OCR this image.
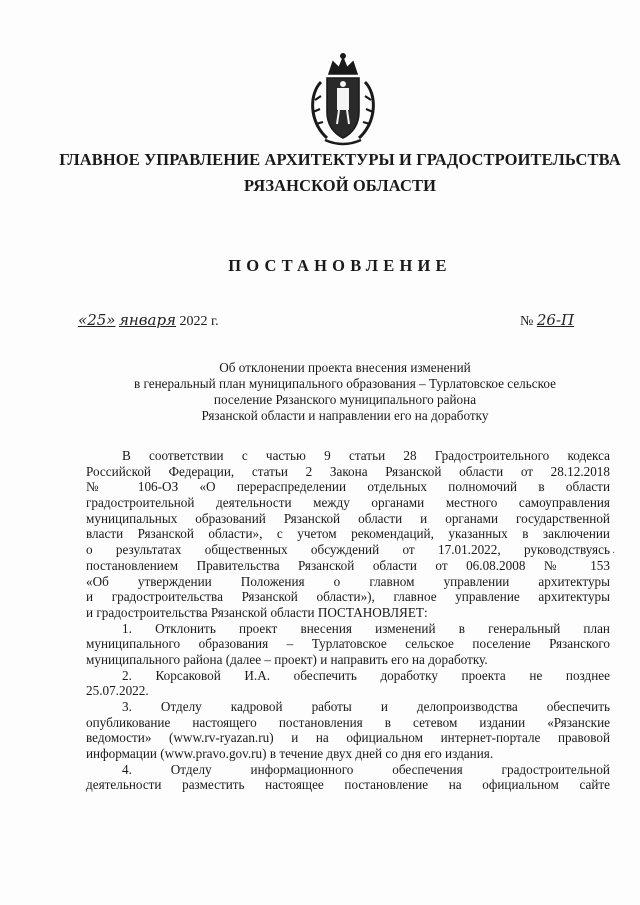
ГЛАВНОЕ УПРАВЛЕНИЕ АРХИТЕКТУРЫ И ГРАДОСТРОИТЕЛЬСТВА
РЯЗАНСКОЙ ОБЛАСТИ
ПОСТАНОВЛЕНИЕ
«25» января 2022 г.	№ 26-П
Об отклонении проекта внесения изменений
в генеральный план муниципального образования – Турлатовское сельское
поселение Рязанского муниципального района
Рязанской области и направлении его на доработку
В соответствии с частью 9 статьи 28 Градостроительного кодекса
Российской Федерации, статьи 2 Закона Рязанской области от 28.12.2018
№ 106-ОЗ «О перераспределении отдельных полномочий в области
градостроительной деятельности между органами местного самоуправления
муниципальных образований Рязанской области и органами государственной
власти Рязанской области», с учетом рекомендаций, указанных в заключении
о результатах общественных обсуждений от 17.01.2022, руководствуясь
постановлением Правительства Рязанской области от 06.08.2008 № 153
«Об утверждении Положения о главном управлении архитектуры
и градостроительства Рязанской области»), главное управление архитектуры
и градостроительства Рязанской области ПОСТАНОВЛЯЕТ:
1. Отклонить проект внесения изменений в генеральный план
муниципального образования – Турлатовское сельское поселение Рязанского
муниципального района (далее – проект) и направить его на доработку.
2. Корсаковой И.А. обеспечить доработку проекта не позднее
25.07.2022.
3. Отделу кадровой работы и делопроизводства обеспечить
опубликование настоящего постановления в сетевом издании «Рязанские
ведомости» (www.rv-ryazan.ru) и на официальном интернет-портале правовой
информации (www.pravo.gov.ru) в течение двух дней со дня его издания.
4. Отделу информационного обеспечения градостроительной
деятельности разместить настоящее постановление на официальном сайте
·
